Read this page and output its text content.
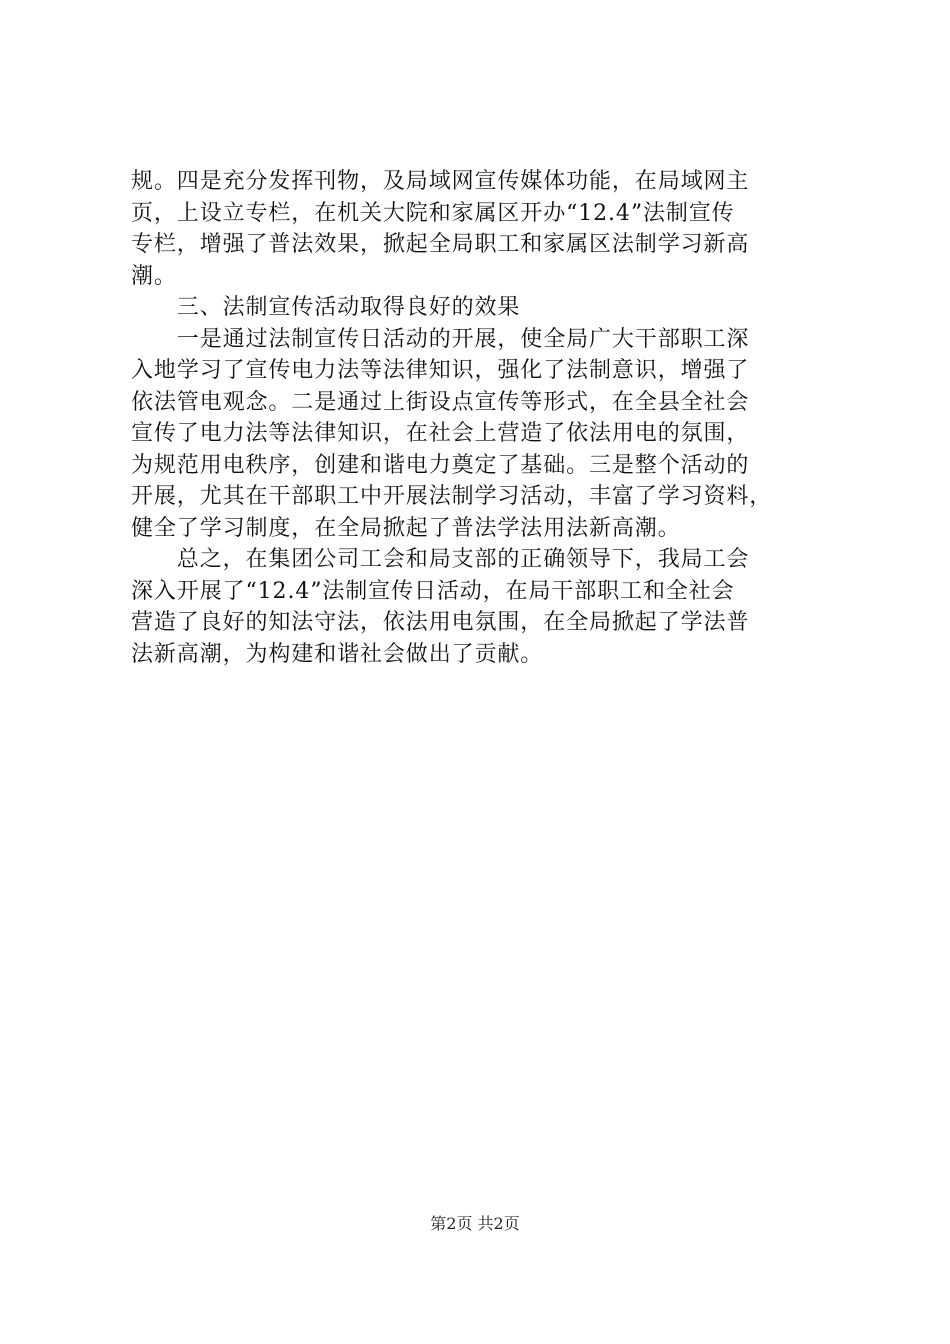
规。四是充分发挥刊物，及局域网宣传媒体功能，在局域网主
页，上设立专栏，在机关大院和家属区开办“12.4”法制宣传
专栏，增强了普法效果，掀起全局职工和家属区法制学习新高
潮。
　　三、法制宣传活动取得良好的效果
　　一是通过法制宣传日活动的开展，使全局广大干部职工深
入地学习了宣传电力法等法律知识，强化了法制意识，增强了
依法管电观念。二是通过上街设点宣传等形式，在全县全社会
宣传了电力法等法律知识，在社会上营造了依法用电的氛围，
为规范用电秩序，创建和谐电力奠定了基础。三是整个活动的
开展，尤其在干部职工中开展法制学习活动，丰富了学习资料，
健全了学习制度，在全局掀起了普法学法用法新高潮。
　　总之，在集团公司工会和局支部的正确领导下，我局工会
深入开展了“12.4”法制宣传日活动，在局干部职工和全社会
营造了良好的知法守法，依法用电氛围，在全局掀起了学法普
法新高潮，为构建和谐社会做出了贡献。
第2页 共2页
